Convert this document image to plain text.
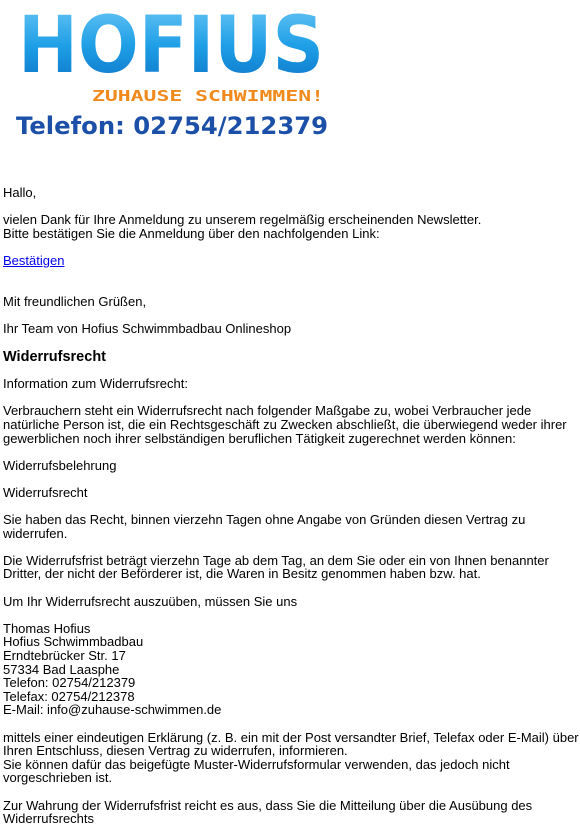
HOFIUS
ZUHAUSE SCHWIMMEN!
Telefon: 02754/212379

Hallo,

vielen Dank für Ihre Anmeldung zu unserem regelmäßig erscheinenden Newsletter.
Bitte bestätigen Sie die Anmeldung über den nachfolgenden Link:

Bestätigen

Mit freundlichen Grüßen,

Ihr Team von Hofius Schwimmbadbau Onlineshop

Widerrufsrecht

Information zum Widerrufsrecht:

Verbrauchern steht ein Widerrufsrecht nach folgender Maßgabe zu, wobei Verbraucher jede natürliche Person ist, die ein Rechtsgeschäft zu Zwecken abschließt, die überwiegend weder ihrer gewerblichen noch ihrer selbständigen beruflichen Tätigkeit zugerechnet werden können:

Widerrufsbelehrung

Widerrufsrecht

Sie haben das Recht, binnen vierzehn Tagen ohne Angabe von Gründen diesen Vertrag zu widerrufen.

Die Widerrufsfrist beträgt vierzehn Tage ab dem Tag, an dem Sie oder ein von Ihnen benannter Dritter, der nicht der Beförderer ist, die Waren in Besitz genommen haben bzw. hat.

Um Ihr Widerrufsrecht auszuüben, müssen Sie uns

Thomas Hofius
Hofius Schwimmbadbau
Erndtebrücker Str. 17
57334 Bad Laasphe
Telefon: 02754/212379
Telefax: 02754/212378
E-Mail: info@zuhause-schwimmen.de

mittels einer eindeutigen Erklärung (z. B. ein mit der Post versandter Brief, Telefax oder E-Mail) über Ihren Entschluss, diesen Vertrag zu widerrufen, informieren.
Sie können dafür das beigefügte Muster-Widerrufsformular verwenden, das jedoch nicht vorgeschrieben ist.

Zur Wahrung der Widerrufsfrist reicht es aus, dass Sie die Mitteilung über die Ausübung des Widerrufsrechts
